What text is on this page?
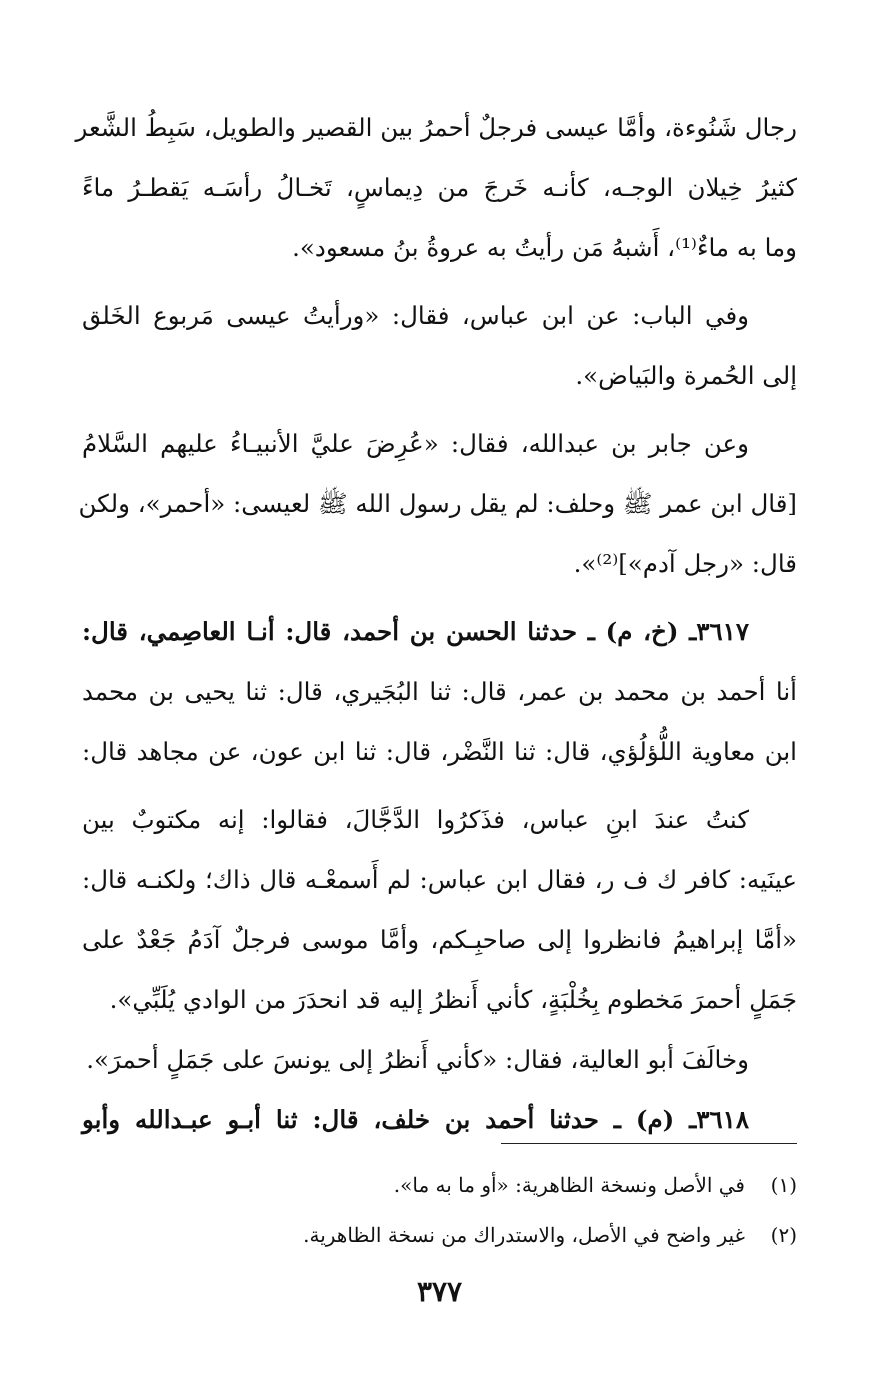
رجال شَنُوءة، وأمَّا عيسى فرجلٌ أحمرُ بين القصير والطويل، سَبِطُ الشَّعر
كثيرُ خِيلان الوجـه، كأنـه خَرجَ من دِيماسٍ، تَخـالُ رأسَـه يَقطـرُ ماءً
وما به ماءٌ⁽¹⁾، أَشبهُ مَن رأيتُ به عروةُ بنُ مسعود».
وفي الباب: عن ابن عباس، فقال: «ورأيتُ عيسى مَربوع الخَلق
إلى الحُمرة والبَياض».
وعن جابر بن عبدالله، فقال: «عُرِضَ عليَّ الأنبيـاءُ عليهم السَّلامُ
[قال ابن عمر ﷺ وحلف: لم يقل رسول الله ﷺ لعيسى: «أحمر»، ولكن
قال: «رجل آدم»]⁽²⁾».
٣٦١٧ـ (خ، م) ـ حدثنا الحسن بن أحمد، قال: أنـا العاصِمي، قال:
أنا أحمد بن محمد بن عمر، قال: ثنا البُجَيري، قال: ثنا يحيى بن محمد
ابن معاوية اللُّؤلُؤي، قال: ثنا النَّضْر، قال: ثنا ابن عون، عن مجاهد قال:
كنتُ عندَ ابنِ عباس، فذَكرُوا الدَّجَّالَ، فقالوا: إنه مكتوبٌ بين
عينَيه: كافر ك ف ر، فقال ابن عباس: لم أَسمعْـه قال ذاك؛ ولكنـه قال:
«أمَّا إبراهيمُ فانظروا إلى صاحبِـكم، وأمَّا موسى فرجلٌ آدَمُ جَعْدٌ على
جَمَلٍ أحمرَ مَخطوم بِخُلْبَةٍ، كأني أَنظرُ إليه قد انحدَرَ من الوادي يُلَبِّي».
وخالَفَ أبو العالية، فقال: «كأني أَنظرُ إلى يونسَ على جَمَلٍ أحمرَ».
٣٦١٨ـ (م) ـ حدثنا أحمد بن خلف، قال: ثنا أبـو عبـدالله وأبو
(١)في الأصل ونسخة الظاهرية: «أو ما به ما».
(٢)غير واضح في الأصل، والاستدراك من نسخة الظاهرية.
٣٧٧
